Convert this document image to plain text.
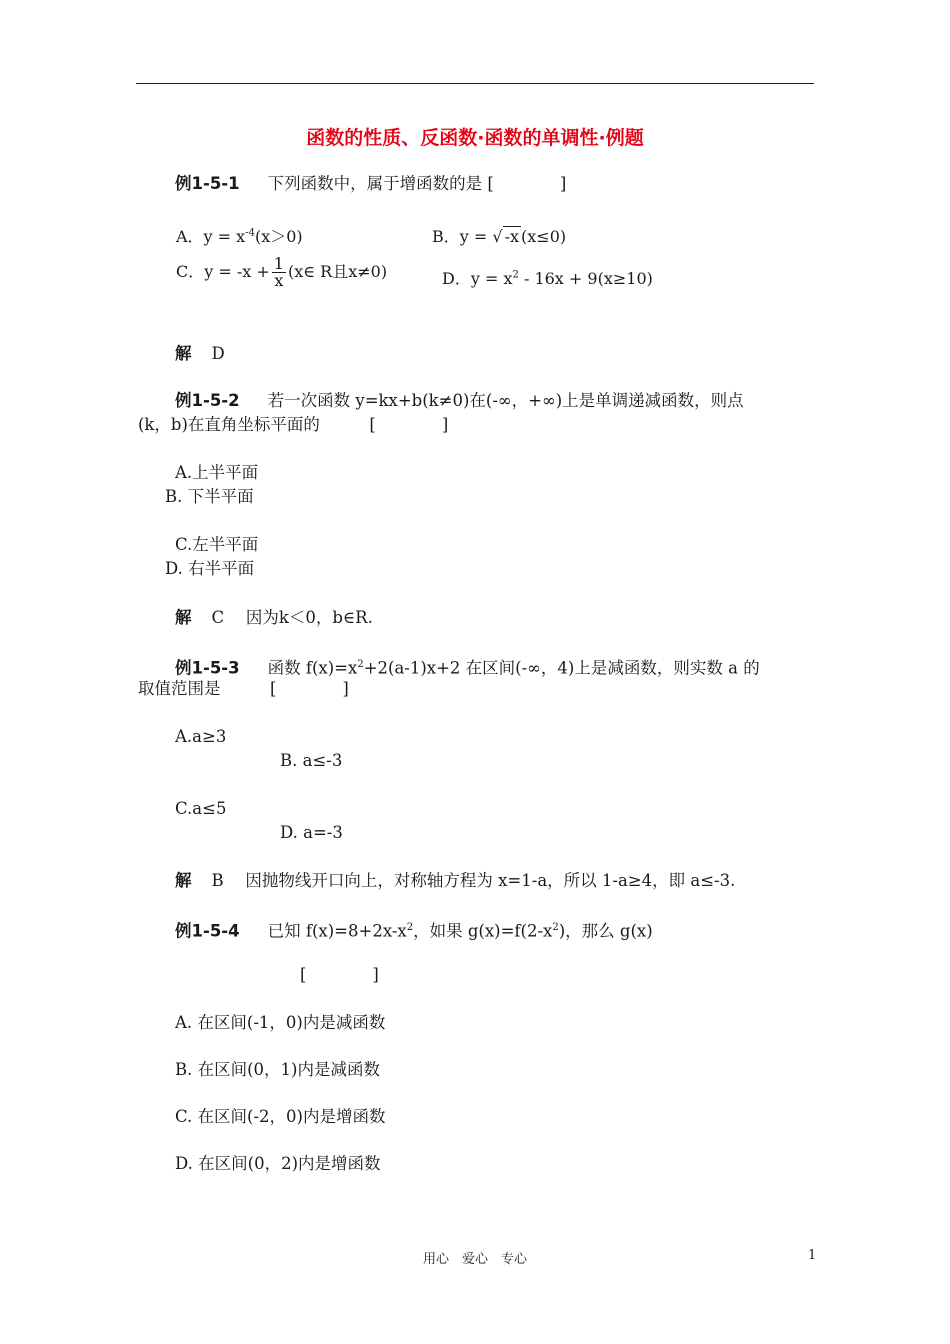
函数的性质、反函数·函数的单调性·例题
例1-5-1 下列函数中，属于增函数的是 [　　　　]
A．$y = x^{-4}(x>0)$	B．y = √ -x (x≤0)
C．$y = -x + \frac{1}{x}$ (x∈ R且x≠0)	D．$y = x^2 - 16x + 9(x\ge 10)$
解 D
例1-5-2 若一次函数 y=kx+b(k≠0)在(-∞，+∞)上是单调递减函数，则点
(k，b)在直角坐标平面的　　　[　　　　]
A.上半平面
B. 下半平面
C.左半平面
D. 右半平面
解 C　 因为k＜0，b∈R.
例1-5-3 函数 $f(x)=x^2+2(a-1)x+2$ 在区间(-∞，4)上是减函数，则实数 a 的
取值范围是　　　[　　　　]
A.a≥3
B. a≤-3
C.a≤5
D. a=-3
解 B　 因抛物线开口向上，对称轴方程为 x=1-a，所以 1-a≥4，即 a≤-3.
例1-5-4 已知 $f(x)=8+2x-x^2$，如果 $g(x)=f(2-x^2)$，那么 g(x)
[　　　　]
A. 在区间(-1，0)内是减函数
B. 在区间(0，1)内是减函数
C. 在区间(-2，0)内是增函数
D. 在区间(0，2)内是增函数
用心　爱心　专心	1
